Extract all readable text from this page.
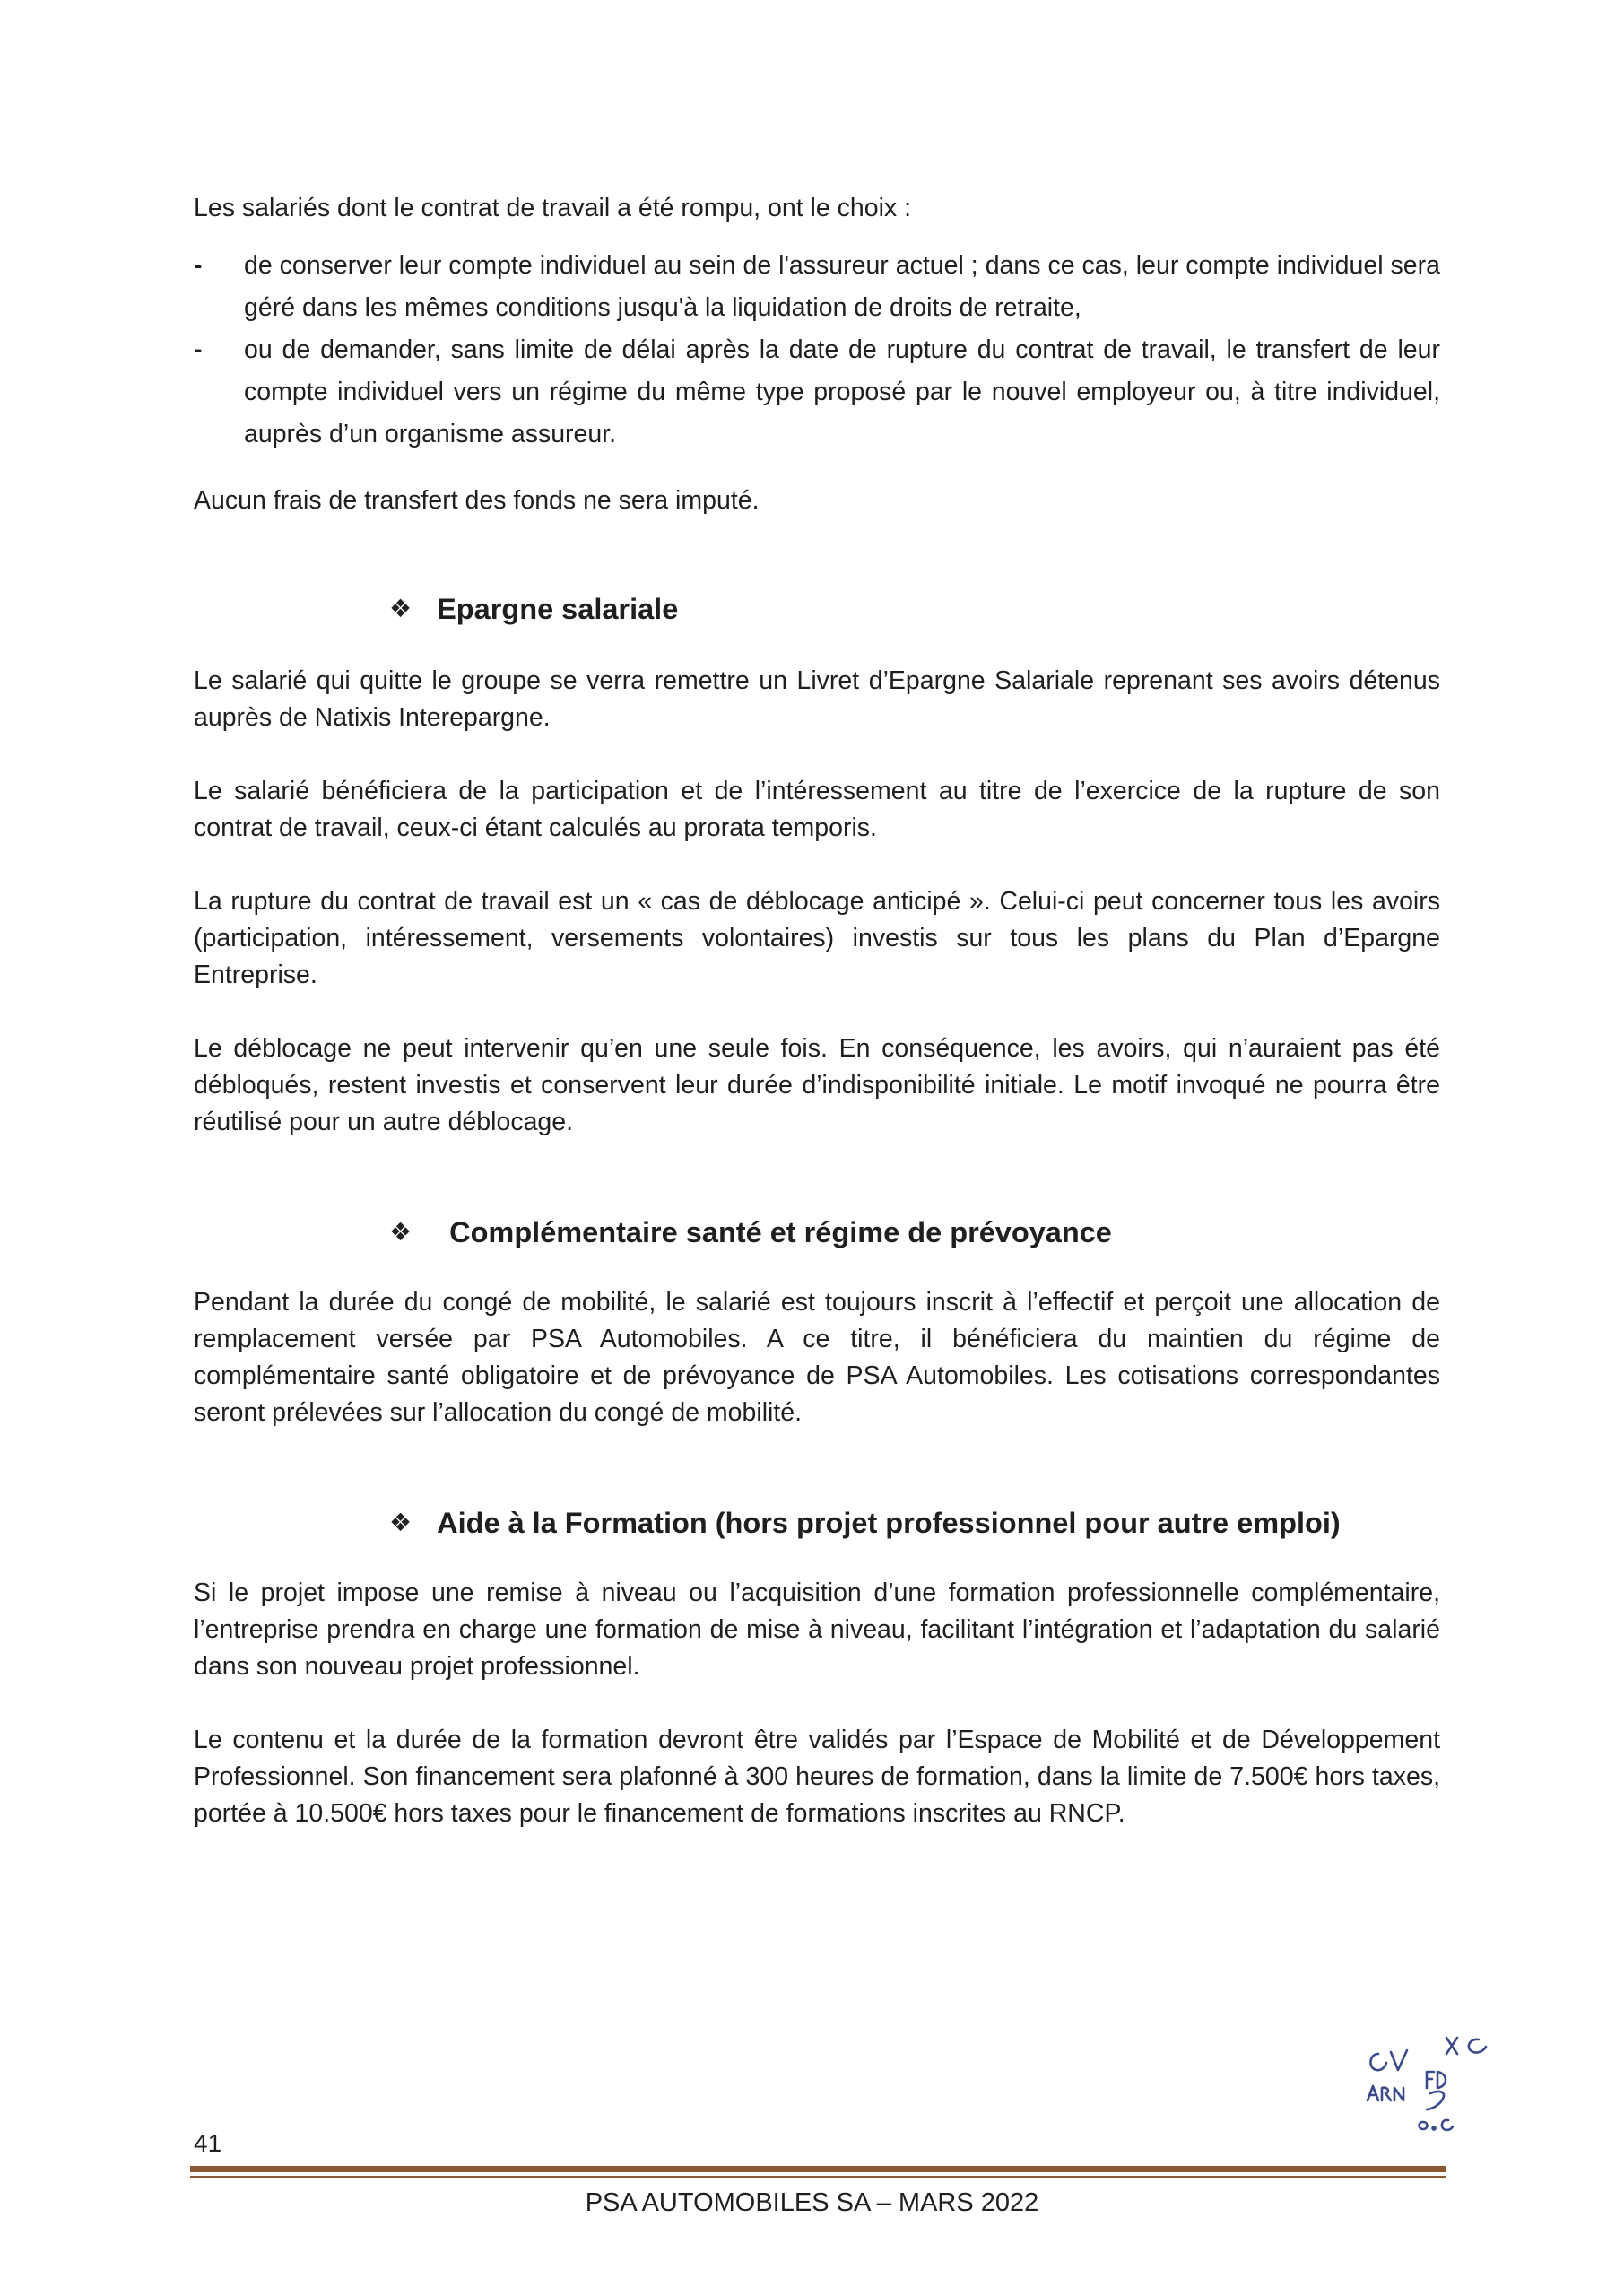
Les salariés dont le contrat de travail a été rompu, ont le choix :

- de conserver leur compte individuel au sein de l'assureur actuel ; dans ce cas, leur compte individuel sera géré dans les mêmes conditions jusqu'à la liquidation de droits de retraite,
- ou de demander, sans limite de délai après la date de rupture du contrat de travail, le transfert de leur compte individuel vers un régime du même type proposé par le nouvel employeur ou, à titre individuel, auprès d’un organisme assureur.

Aucun frais de transfert des fonds ne sera imputé.

❖ Epargne salariale

Le salarié qui quitte le groupe se verra remettre un Livret d’Epargne Salariale reprenant ses avoirs détenus auprès de Natixis Interepargne.

Le salarié bénéficiera de la participation et de l’intéressement au titre de l’exercice de la rupture de son contrat de travail, ceux-ci étant calculés au prorata temporis.

La rupture du contrat de travail est un « cas de déblocage anticipé ». Celui-ci peut concerner tous les avoirs (participation, intéressement, versements volontaires) investis sur tous les plans du Plan d’Epargne Entreprise.

Le déblocage ne peut intervenir qu’en une seule fois. En conséquence, les avoirs, qui n’auraient pas été débloqués, restent investis et conservent leur durée d’indisponibilité initiale. Le motif invoqué ne pourra être réutilisé pour un autre déblocage.

❖ Complémentaire santé et régime de prévoyance

Pendant la durée du congé de mobilité, le salarié est toujours inscrit à l’effectif et perçoit une allocation de remplacement versée par PSA Automobiles. A ce titre, il bénéficiera du maintien du régime de complémentaire santé obligatoire et de prévoyance de PSA Automobiles. Les cotisations correspondantes seront prélevées sur l’allocation du congé de mobilité.

❖ Aide à la Formation (hors projet professionnel pour autre emploi)

Si le projet impose une remise à niveau ou l’acquisition d’une formation professionnelle complémentaire, l’entreprise prendra en charge une formation de mise à niveau, facilitant l’intégration et l’adaptation du salarié dans son nouveau projet professionnel.

Le contenu et la durée de la formation devront être validés par l’Espace de Mobilité et de Développement Professionnel. Son financement sera plafonné à 300 heures de formation, dans la limite de 7.500€ hors taxes, portée à 10.500€ hors taxes pour le financement de formations inscrites au RNCP.

41
PSA AUTOMOBILES SA – MARS 2022
